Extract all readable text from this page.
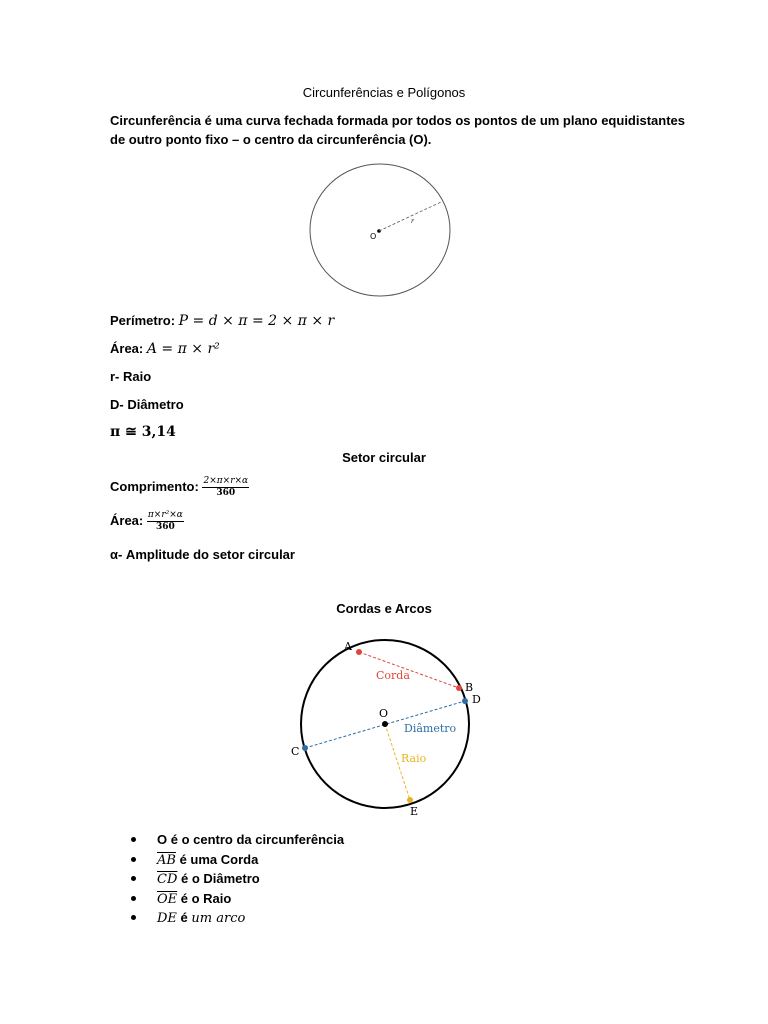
Circunferências e Polígonos
Circunferência é uma curva fechada formada por todos os pontos de um plano equidistantes
de outro ponto fixo – o centro da circunferência (O).
O
r
Perímetro: P = d × π = 2 × π × r
Área: A = π × r²
r- Raio
D- Diâmetro
π ≅ 3,14
Setor circular
Comprimento: $\frac{2\times\pi\times r\times\alpha}{360}$
Área: $\frac{\text{π×r²×α}}{360}$
α- Amplitude do setor circular
Cordas e Arcos
A
B
C
D
E
O
Corda
Diâmetro
Raio
O é o centro da circunferência
$\overline{AB}$ é uma Corda
$\overline{CD}$ é o Diâmetro
$\overline{OE}$ é o Raio
DE é um arco
